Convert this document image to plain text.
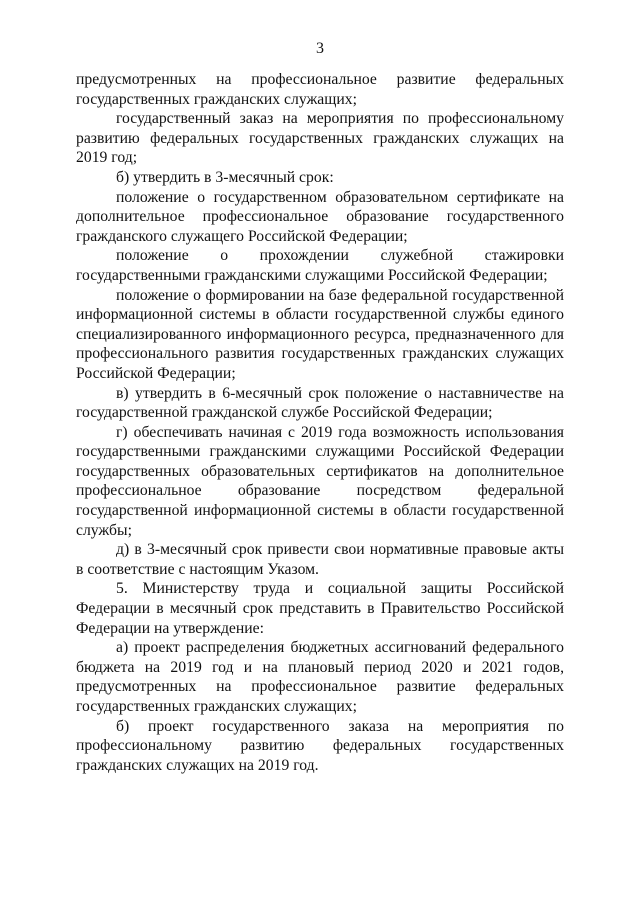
3

предусмотренных на профессиональное развитие федеральных государственных гражданских служащих;

государственный заказ на мероприятия по профессиональному развитию федеральных государственных гражданских служащих на 2019 год;

б) утвердить в 3-месячный срок:

положение о государственном образовательном сертификате на дополнительное профессиональное образование государственного гражданского служащего Российской Федерации;

положение о прохождении служебной стажировки государственными гражданскими служащими Российской Федерации;

положение о формировании на базе федеральной государственной информационной системы в области государственной службы единого специализированного информационного ресурса, предназначенного для профессионального развития государственных гражданских служащих Российской Федерации;

в) утвердить в 6-месячный срок положение о наставничестве на государственной гражданской службе Российской Федерации;

г) обеспечивать начиная с 2019 года возможность использования государственными гражданскими служащими Российской Федерации государственных образовательных сертификатов на дополнительное профессиональное образование посредством федеральной государственной информационной системы в области государственной службы;

д) в 3-месячный срок привести свои нормативные правовые акты в соответствие с настоящим Указом.

5. Министерству труда и социальной защиты Российской Федерации в месячный срок представить в Правительство Российской Федерации на утверждение:

а) проект распределения бюджетных ассигнований федерального бюджета на 2019 год и на плановый период 2020 и 2021 годов, предусмотренных на профессиональное развитие федеральных государственных гражданских служащих;

б) проект государственного заказа на мероприятия по профессиональному развитию федеральных государственных гражданских служащих на 2019 год.
